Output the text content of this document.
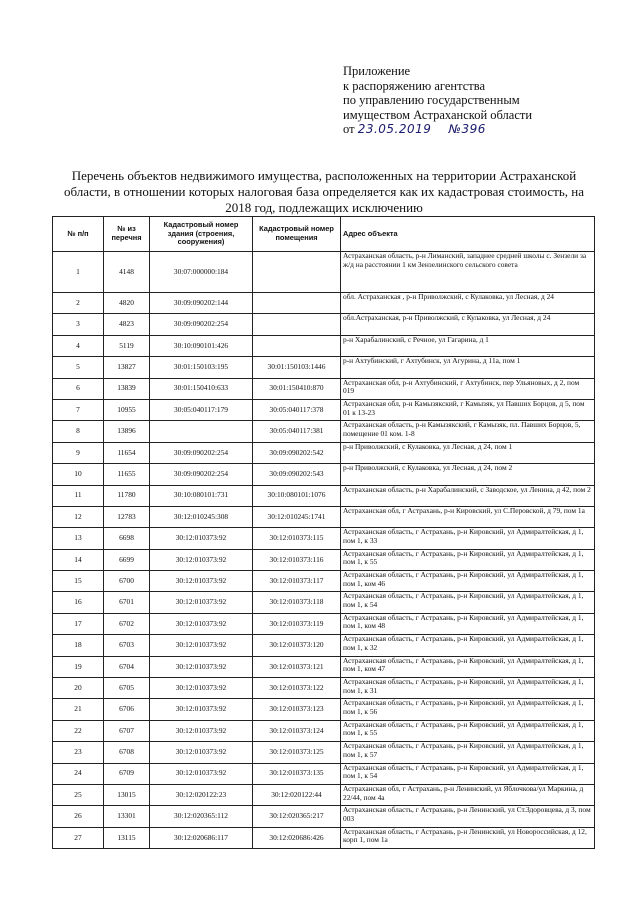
Приложение
к распоряжению агентства
по управлению государственным
имуществом Астраханской области
от 23.05.2019 №396
Перечень объектов недвижимого имущества, расположенных на территории Астраханской области, в отношении которых налоговая база определяется как их кадастровая стоимость, на 2018 год, подлежащих исключению
№ п/п	№ из перечня	Кадастровый номер здания (строения, сооружения)	Кадастровый номер помещения	Адрес объекта
1	4148	30:07:000000:184		Астраханская область, р-н Лиманский, западнее средней школы с. Зензели за ж/д на расстоянии 1 км Зензелинского сельского совета
2	4820	30:09:090202:144		обл. Астраханская , р-н Приволжский, с Кулаковка, ул Лесная, д 24
3	4823	30:09:090202:254		обл.Астраханская, р-н Приволжский, с Кулаковка, ул Лесная, д 24
4	5119	30:10:090101:426		р-н Харабалинский, с Речное, ул Гагарина, д 1
5	13827	30:01:150103:195	30:01:150103:1446	р-н Ахтубинский, г Ахтубинск, ул Агурина, д 11а, пом 1
6	13839	30:01:150410:633	30:01:150410:870	Астраханская обл, р-н Ахтубинский, г Ахтубинск, пер Ульяновых, д 2, пом 019
7	10955	30:05:040117:179	30:05:040117:378	Астраханская обл, р-н Камызякский, г Камызяк, ул Павших Борцов, д 5, пом 01 к 13-23
8	13896		30:05:040117:381	Астраханская область, р-н Камызякский, г Камызяк, пл. Павших Борцов, 5, помещение 01 ком. 1-8
9	11654	30:09:090202:254	30:09:090202:542	р-н Приволжский, с Кулаковка, ул Лесная, д 24, пом 1
10	11655	30:09:090202:254	30:09:090202:543	р-н Приволжский, с Кулаковка, ул Лесная, д 24, пом 2
11	11780	30:10:080101:731	30:10:080101:1076	Астраханская область, р-н Харабалинский, с Заводское, ул Ленина, д 42, пом 2
12	12783	30:12:010245:308	30:12:010245:1741	Астраханская обл, г Астрахань, р-н Кировский, ул С.Перовской, д 79, пом 1а
13	6698	30:12:010373:92	30:12:010373:115	Астраханская область, г Астрахань, р-н Кировский, ул Адмиралтейская, д 1, пом 1, к 33
14	6699	30:12:010373:92	30:12:010373:116	Астраханская область, г Астрахань, р-н Кировский, ул Адмиралтейская, д 1, пом 1, к 55
15	6700	30:12:010373:92	30:12:010373:117	Астраханская область, г Астрахань, р-н Кировский, ул Адмиралтейская, д 1, пом 1, ком 46
16	6701	30:12:010373:92	30:12:010373:118	Астраханская область, г Астрахань, р-н Кировский, ул Адмиралтейская, д 1, пом 1, к 54
17	6702	30:12:010373:92	30:12:010373:119	Астраханская область, г Астрахань, р-н Кировский, ул Адмиралтейская, д 1, пом 1, ком 48
18	6703	30:12:010373:92	30:12:010373:120	Астраханская область, г Астрахань, р-н Кировский, ул Адмиралтейская, д 1, пом 1, к 32
19	6704	30:12:010373:92	30:12:010373:121	Астраханская область, г Астрахань, р-н Кировский, ул Адмиралтейская, д 1, пом 1, ком 47
20	6705	30:12:010373:92	30:12:010373:122	Астраханская область, г Астрахань, р-н Кировский, ул Адмиралтейская, д 1, пом 1, к 31
21	6706	30:12:010373:92	30:12:010373:123	Астраханская область, г Астрахань, р-н Кировский, ул Адмиралтейская, д 1, пом 1, к 56
22	6707	30:12:010373:92	30:12:010373:124	Астраханская область, г Астрахань, р-н Кировский, ул Адмиралтейская, д 1, пом 1, к 55
23	6708	30:12:010373:92	30:12:010373:125	Астраханская область, г Астрахань, р-н Кировский, ул Адмиралтейская, д 1, пом 1, к 57
24	6709	30:12:010373:92	30:12:010373:135	Астраханская область, г Астрахань, р-н Кировский, ул Адмиралтейская, д 1, пом 1, к 54
25	13015	30:12:020122:23	30:12:020122:44	Астраханская обл, г Астрахань, р-н Ленинский, ул Яблочкова/ул Маркина, д 22/44, пом 4а
26	13301	30:12:020365:112	30:12:020365:217	Астраханская область, г Астрахань, р-н Ленинский, ул Ст.Здоровцева, д 3, пом 003
27	13115	30:12:020686:117	30:12:020686:426	Астраханская область, г Астрахань, р-н Ленинский, ул Новороссийская, д 12, корп 1, пом 1а
